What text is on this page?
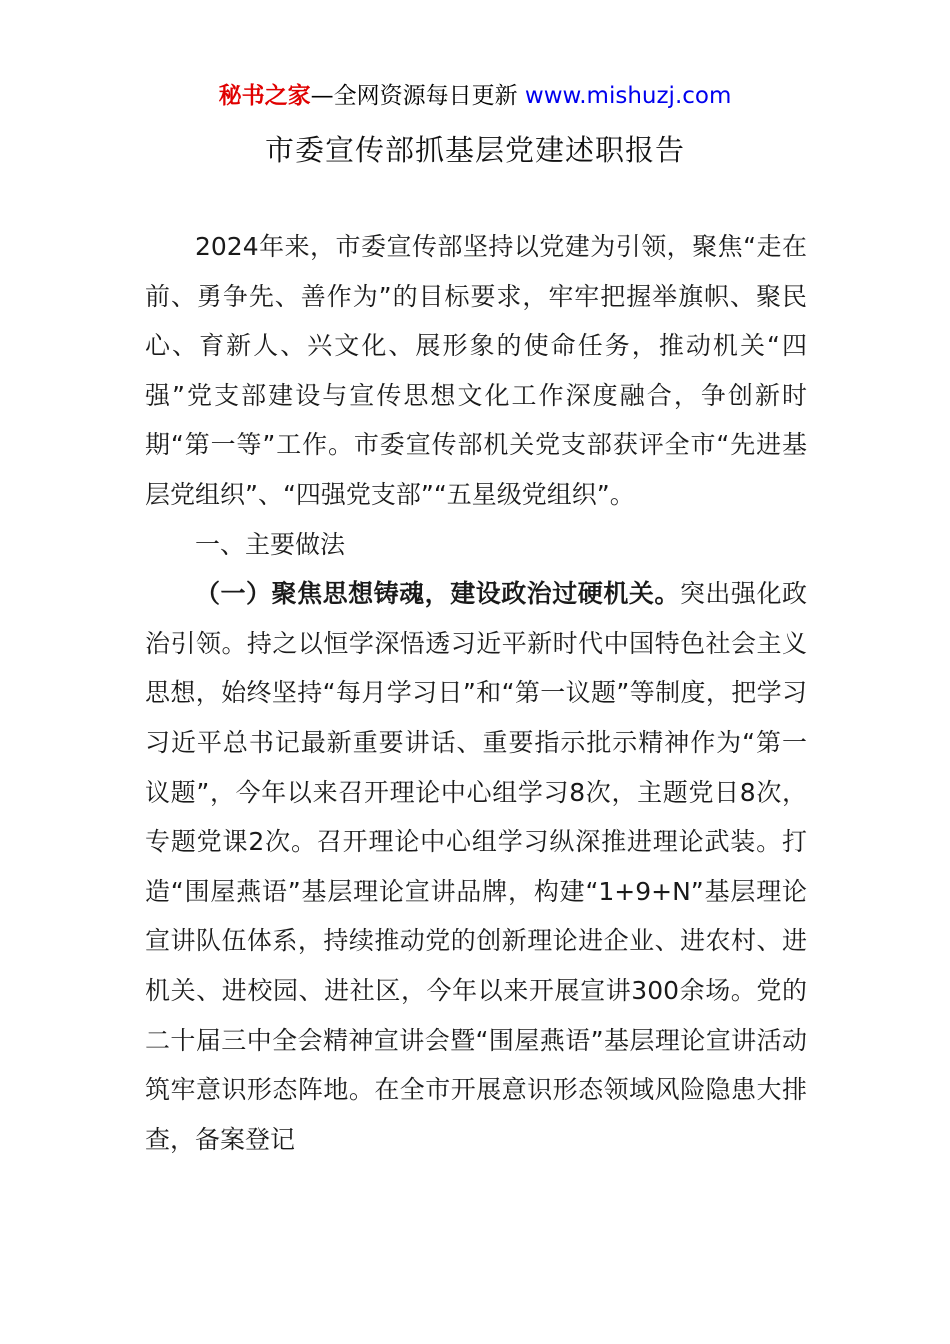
秘书之家—全网资源每日更新 www.mishuzj.com
市委宣传部抓基层党建述职报告

2024年来，市委宣传部坚持以党建为引领，聚焦“走在前、勇争先、善作为”的目标要求，牢牢把握举旗帜、聚民心、育新人、兴文化、展形象的使命任务，推动机关“四强”党支部建设与宣传思想文化工作深度融合，争创新时期“第一等”工作。市委宣传部机关党支部获评全市“先进基层党组织”、“四强党支部”“五星级党组织”。

一、主要做法

（一）聚焦思想铸魂，建设政治过硬机关。突出强化政治引领。持之以恒学深悟透习近平新时代中国特色社会主义思想，始终坚持“每月学习日”和“第一议题”等制度，把学习习近平总书记最新重要讲话、重要指示批示精神作为“第一议题”，今年以来召开理论中心组学习8次，主题党日8次，专题党课2次。召开理论中心组学习纵深推进理论武装。打造“围屋燕语”基层理论宣讲品牌，构建“1+9+N”基层理论宣讲队伍体系，持续推动党的创新理论进企业、进农村、进机关、进校园、进社区，今年以来开展宣讲300余场。党的二十届三中全会精神宣讲会暨“围屋燕语”基层理论宣讲活动筑牢意识形态阵地。在全市开展意识形态领域风险隐患大排查，备案登记
